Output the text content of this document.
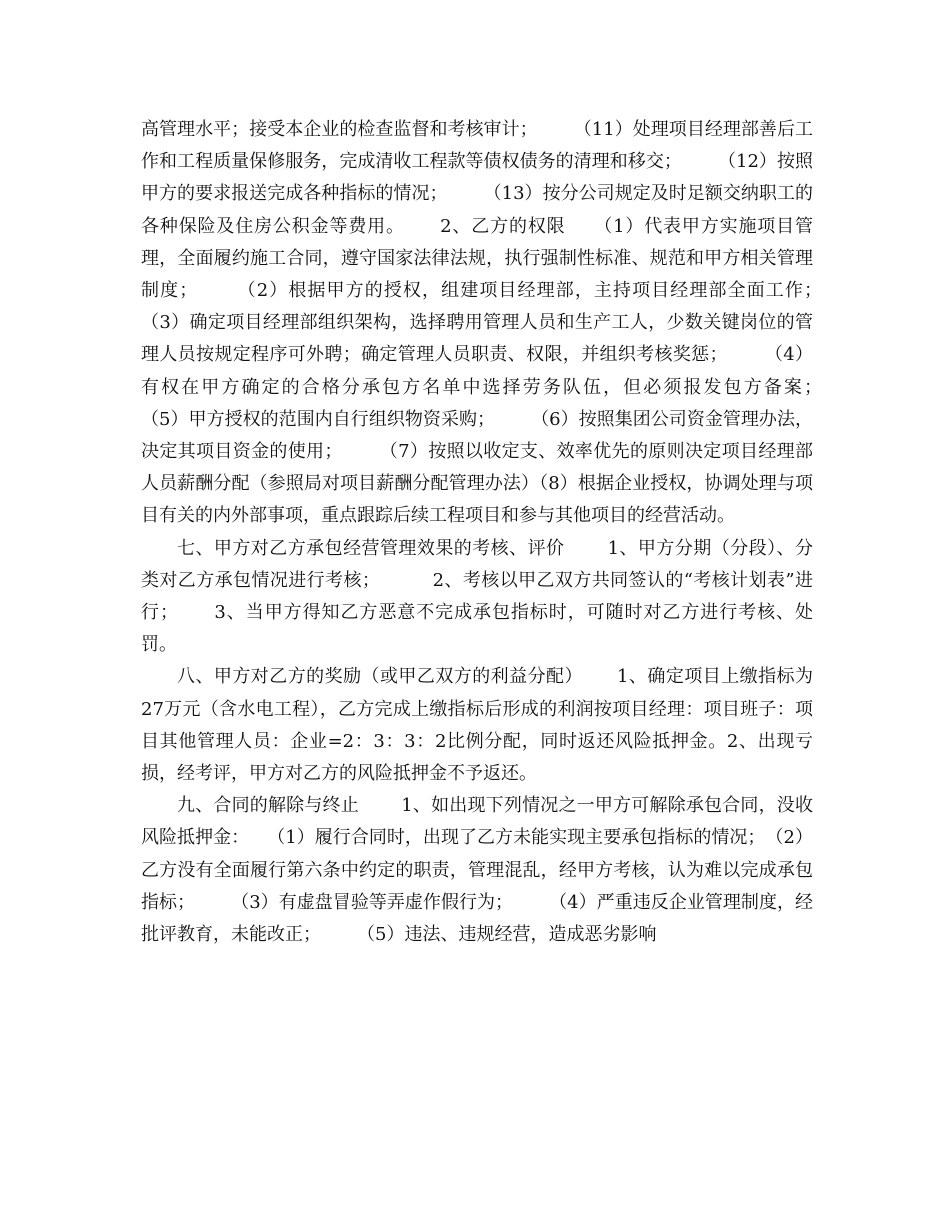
高管理水平；接受本企业的检查监督和考核审计；　　　（11）处理项目经理部善后工作和工程质量保修服务，完成清收工程款等债权债务的清理和移交；　　　（12）按照甲方的要求报送完成各种指标的情况；　　　（13）按分公司规定及时足额交纳职工的各种保险及住房公积金等费用。　　 2、乙方的权限　　（1）代表甲方实施项目管理，全面履约施工合同，遵守国家法律法规，执行强制性标准、规范和甲方相关管理制度；　　　（2）根据甲方的授权，组建项目经理部，主持项目经理部全面工作；　　　（3）确定项目经理部组织架构，选择聘用管理人员和生产工人，少数关键岗位的管理人员按规定程序可外聘；确定管理人员职责、权限，并组织考核奖惩；　　　（4）有权在甲方确定的合格分承包方名单中选择劳务队伍，但必须报发包方备案；　　　（5）甲方授权的范围内自行组织物资采购；　　　（6）按照集团公司资金管理办法，决定其项目资金的使用；　　　（7）按照以收定支、效率优先的原则决定项目经理部人员薪酬分配（参照局对项目薪酬分配管理办法）（8）根据企业授权，协调处理与项目有关的内外部事项，重点跟踪后续工程项目和参与其他项目的经营活动。

七、甲方对乙方承包经营管理效果的考核、评价　　 1、甲方分期（分段）、分类对乙方承包情况进行考核；　　　 2、考核以甲乙双方共同签认的“考核计划表”进行；　　 3、当甲方得知乙方恶意不完成承包指标时，可随时对乙方进行考核、处罚。

八、甲方对乙方的奖励（或甲乙双方的利益分配）　　 1、确定项目上缴指标为27万元（含水电工程），乙方完成上缴指标后形成的利润按项目经理：项目班子：项目其他管理人员：企业=2：3：3：2比例分配，同时返还风险抵押金。2、出现亏损，经考评，甲方对乙方的风险抵押金不予返还。

九、合同的解除与终止　　 1、如出现下列情况之一甲方可解除承包合同，没收风险抵押金：　　（1）履行合同时，出现了乙方未能实现主要承包指标的情况；　（2）乙方没有全面履行第六条中约定的职责，管理混乱，经甲方考核，认为难以完成承包指标；　　　（3）有虚盘冒验等弄虚作假行为；　　　（4）严重违反企业管理制度，经批评教育，未能改正；　　　（5）违法、违规经营，造成恶劣影响
